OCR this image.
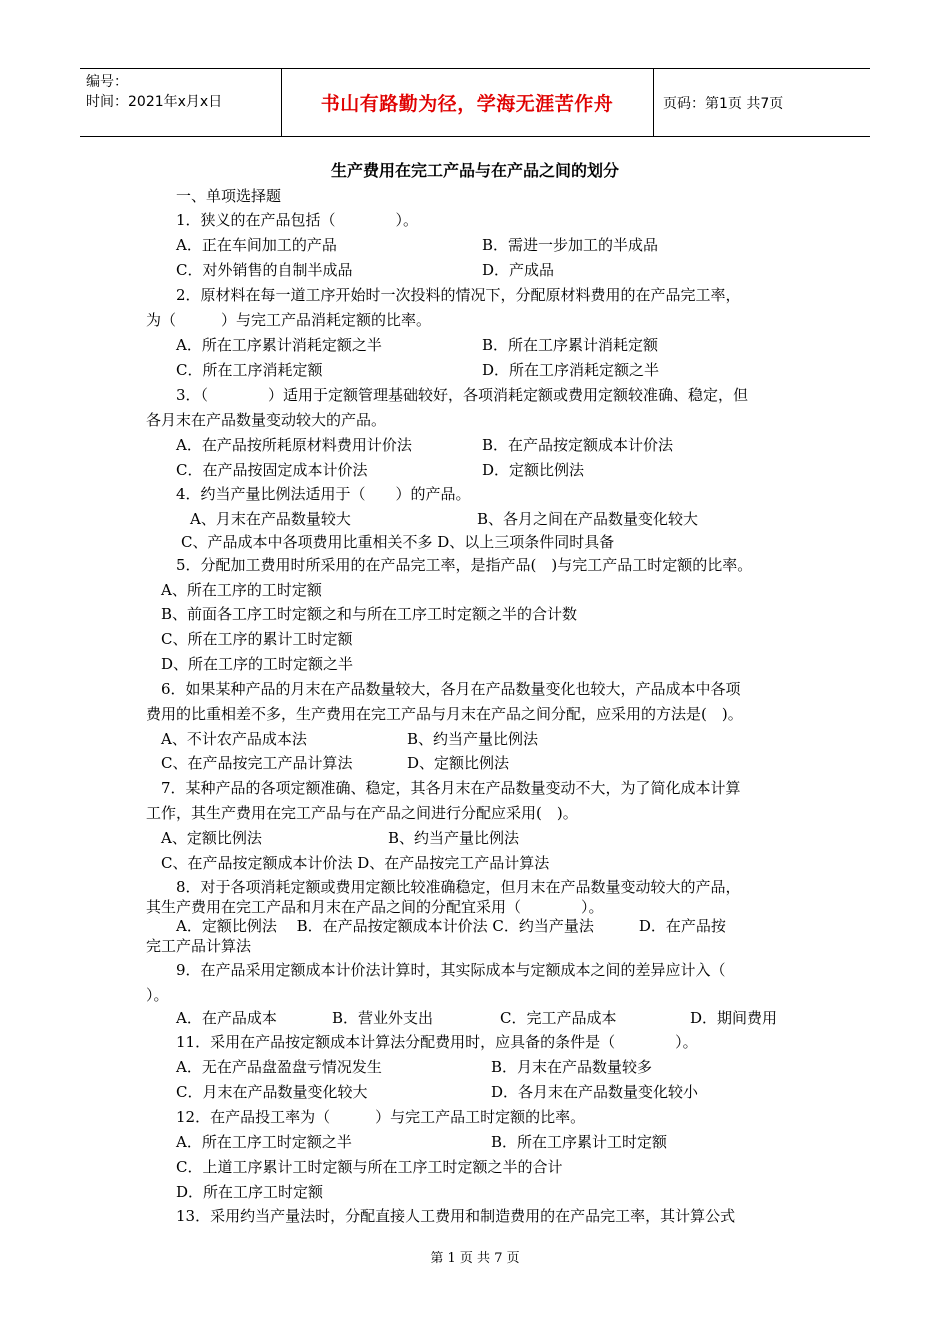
编号：
时间：2021年x月x日	书山有路勤为径，学海无涯苦作舟	页码：第1页 共7页
生产费用在完工产品与在产品之间的划分
一、单项选择题
1．狭义的在产品包括（　　　　）。
A．正在车间加工的产品	B．需进一步加工的半成品
C．对外销售的自制半成品	D．产成品
2．原材料在每一道工序开始时一次投料的情况下，分配原材料费用的在产品完工率，
为（　　　）与完工产品消耗定额的比率。
A．所在工序累计消耗定额之半	B．所在工序累计消耗定额
C．所在工序消耗定额	D．所在工序消耗定额之半
3．（　　　　）适用于定额管理基础较好，各项消耗定额或费用定额较准确、稳定，但
各月末在产品数量变动较大的产品。
A．在产品按所耗原材料费用计价法	B．在产品按定额成本计价法
C．在产品按固定成本计价法	D．定额比例法
4．约当产量比例法适用于（　　）的产品。
A、月末在产品数量较大	B、各月之间在产品数量变化较大
C、产品成本中各项费用比重相关不多 D、以上三项条件同时具备
5．分配加工费用时所采用的在产品完工率，是指产品(　)与完工产品工时定额的比率。
A、所在工序的工时定额
B、前面各工序工时定额之和与所在工序工时定额之半的合计数
C、所在工序的累计工时定额
D、所在工序的工时定额之半
6．如果某种产品的月末在产品数量较大，各月在产品数量变化也较大，产品成本中各项
费用的比重相差不多，生产费用在完工产品与月末在产品之间分配，应采用的方法是(　)。
A、不计农产品成本法	B、约当产量比例法
C、在产品按完工产品计算法	D、定额比例法
7．某种产品的各项定额准确、稳定，其各月末在产品数量变动不大，为了简化成本计算
工作，其生产费用在完工产品与在产品之间进行分配应采用(　)。
A、定额比例法	B、约当产量比例法
C、在产品按定额成本计价法 D、在产品按完工产品计算法
8．对于各项消耗定额或费用定额比较准确稳定，但月末在产品数量变动较大的产品，
其生产费用在完工产品和月末在产品之间的分配宜采用（　　　　）。
A．定额比例法　 B．在产品按定额成本计价法 C．约当产量法　　　D．在产品按
完工产品计算法
9．在产品采用定额成本计价法计算时，其实际成本与定额成本之间的差异应计入（
）。
A．在产品成本	B．营业外支出	C．完工产品成本	D．期间费用
11．采用在产品按定额成本计算法分配费用时，应具备的条件是（　　　　）。
A．无在产品盘盈盘亏情况发生	B．月末在产品数量较多
C．月末在产品数量变化较大	D．各月末在产品数量变化较小
12．在产品投工率为（　　　）与完工产品工时定额的比率。
A．所在工序工时定额之半	B．所在工序累计工时定额
C．上道工序累计工时定额与所在工序工时定额之半的合计
D．所在工序工时定额
13．采用约当产量法时，分配直接人工费用和制造费用的在产品完工率，其计算公式
第 1 页 共 7 页
